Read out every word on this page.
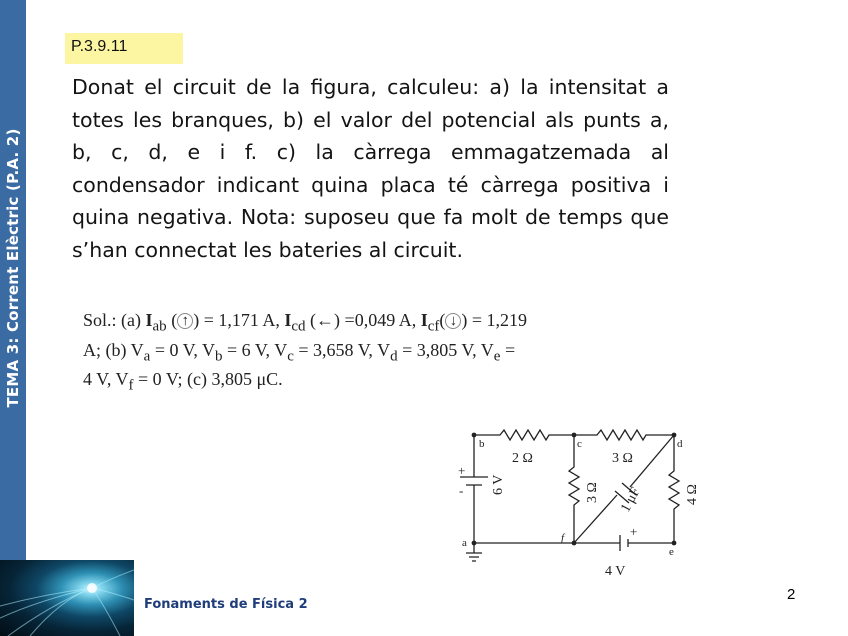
TEMA 3: Corrent Elèctric (P.A. 2)
Fonaments de Física 2
2
P.3.9.11

Donat el circuit de la figura, calculeu: a) la intensitat a totes les branques, b) el valor del potencial als punts a, b, c, d, e i f. c) la càrrega emmagatzemada al condensador indicant quina placa té càrrega positiva i quina negativa. Nota: suposeu que fa molt de temps que s’han connectat les bateries al circuit.

Sol.: (a) $I_{ab}$ ( ↑ ) = 1,171 A, $I_{cd}$ (←) =0,049 A, $I_{cf}$( ↓ ) = 1,219

A; (b) $V_a = 0$ V, $V_b = 6$ V, $V_c = 3,658$ V, $V_d = 3,805$ V, $V_e$ =

4 V, $V_f = 0$ V; (c) 3,805 μC.

b	c	d
a	f
e
+
-
+
2 Ω	3 Ω
4 V
6 V	3 Ω	4 Ω
1 μF
